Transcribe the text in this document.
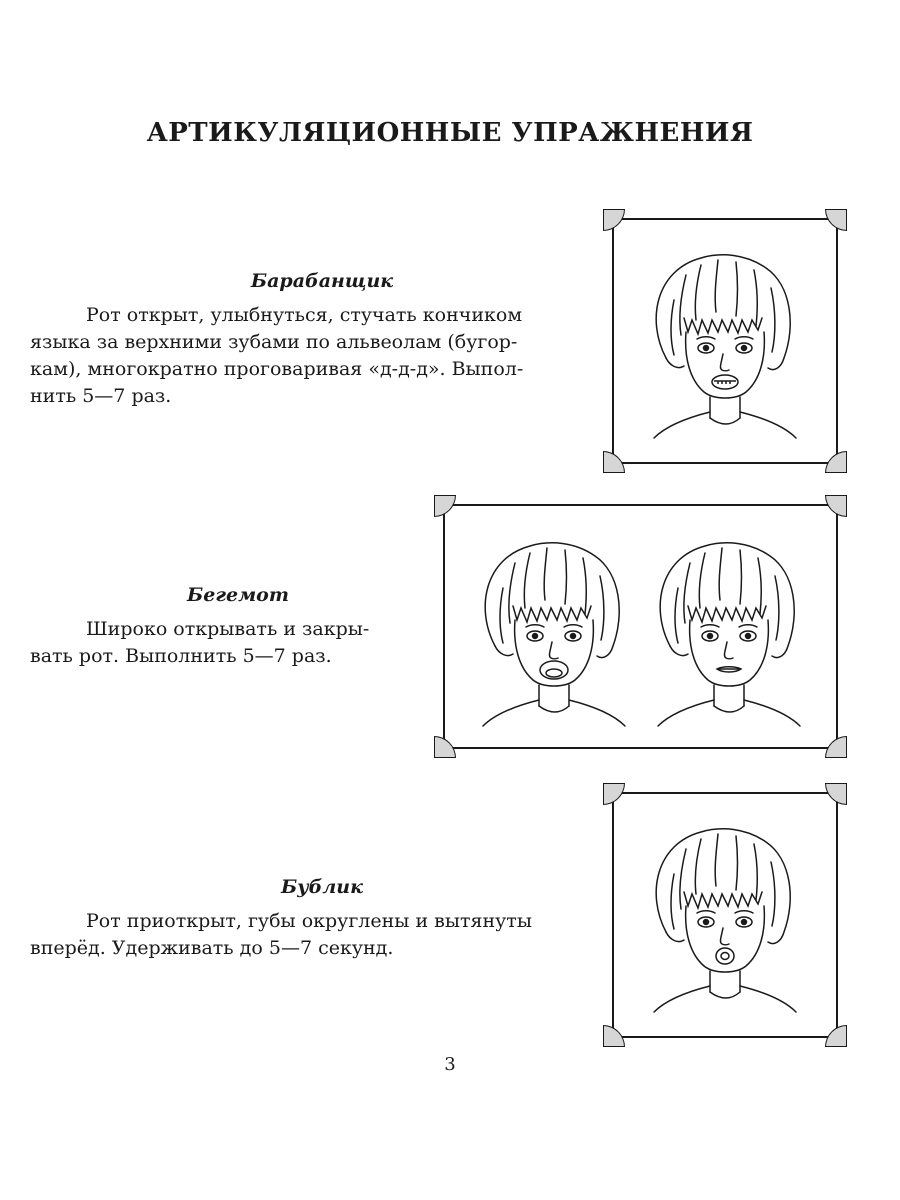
АРТИКУЛЯЦИОННЫЕ УПРАЖНЕНИЯ
Барабанщик

Рот открыт, улыбнуться, стучать кончиком
языка за верхними зубами по альвеолам (бугор-
кам), многократно проговаривая «д-д-д». Выпол-
нить 5—7 раз.

Бегемот

Широко открывать и закры-
вать рот. Выполнить 5—7 раз.

Бублик

Рот приоткрыт, губы округлены и вытянуты
вперёд. Удерживать до 5—7 секунд.

3
